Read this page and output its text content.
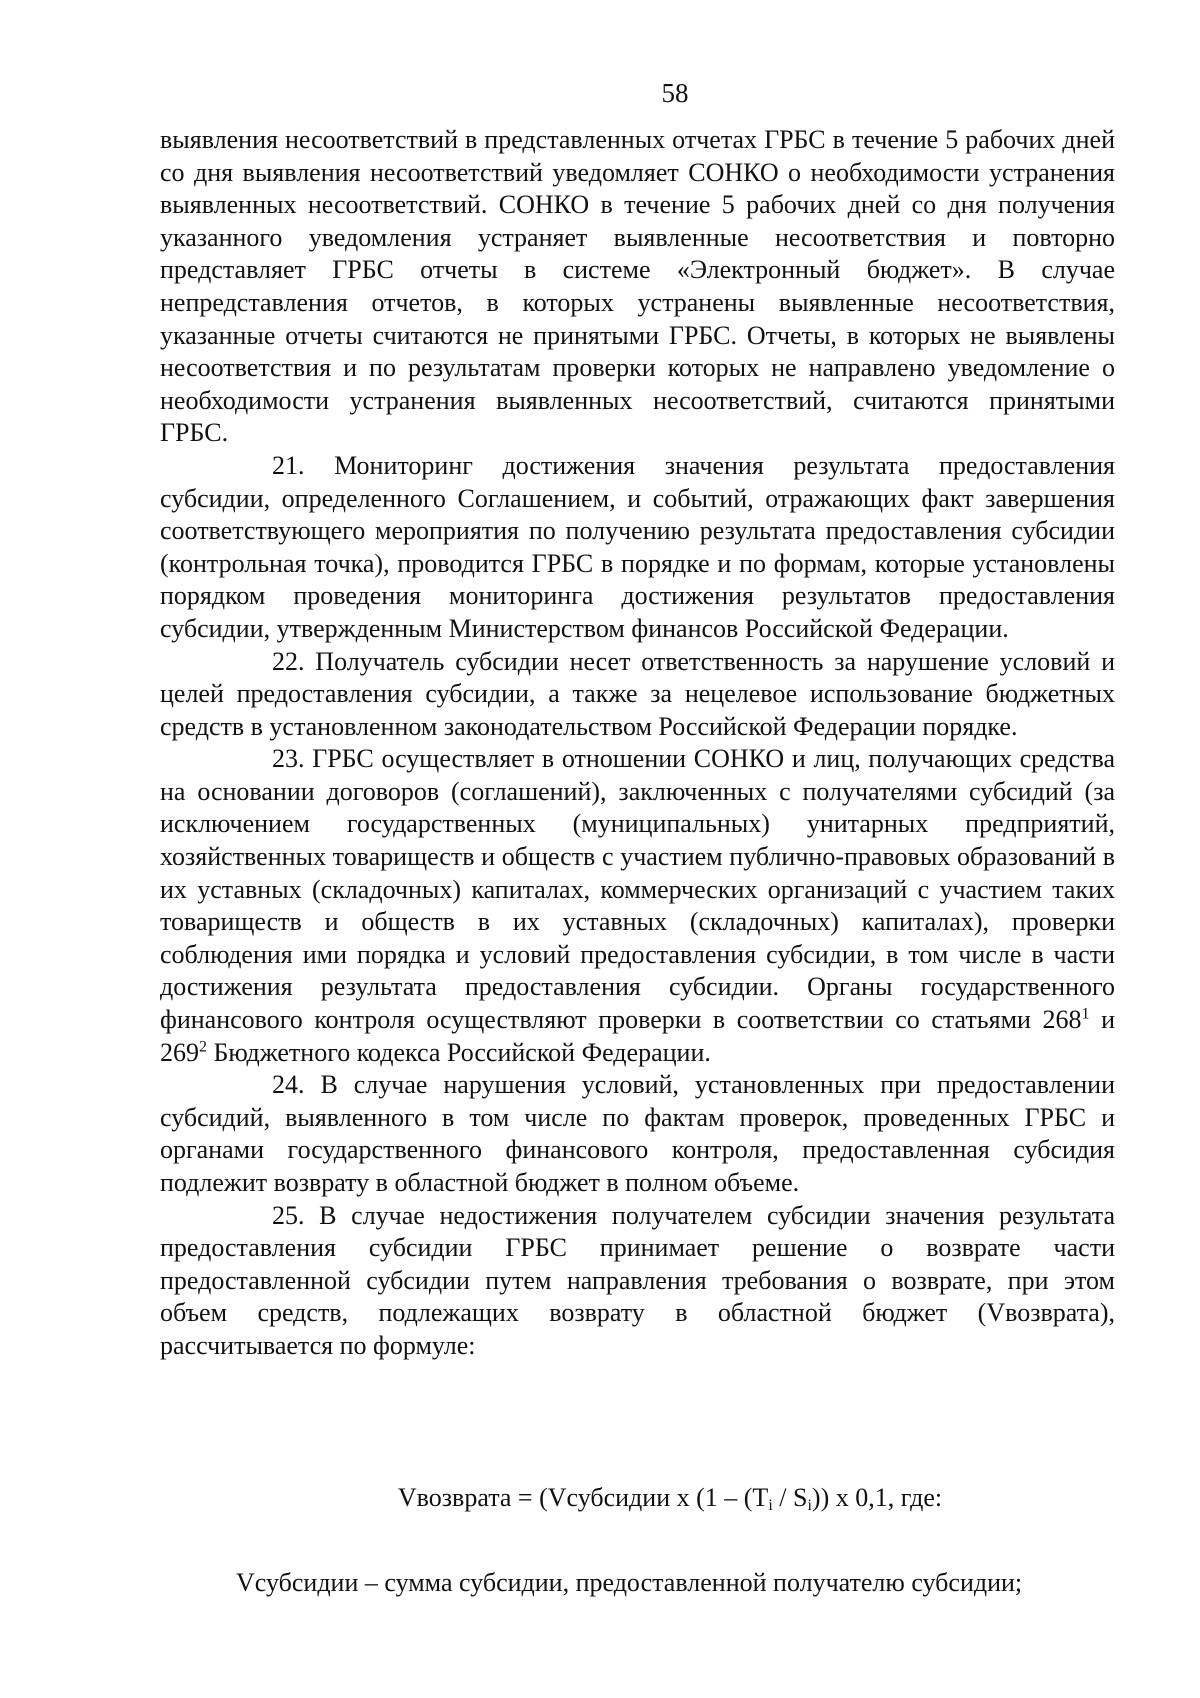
58

выявления несоответствий в представленных отчетах ГРБС в течение 5 рабочих дней со дня выявления несоответствий уведомляет СОНКО о необходимости устранения выявленных несоответствий. СОНКО в течение 5 рабочих дней со дня получения указанного уведомления устраняет выявленные несоответствия и повторно представляет ГРБС отчеты в системе «Электронный бюджет». В случае непредставления отчетов, в которых устранены выявленные несоответствия, указанные отчеты считаются не принятыми ГРБС. Отчеты, в которых не выявлены несоответствия и по результатам проверки которых не направлено уведомление о необходимости устранения выявленных несоответствий, считаются принятыми ГРБС.

21. Мониторинг достижения значения результата предоставления субсидии, определенного Соглашением, и событий, отражающих факт завершения соответствующего мероприятия по получению результата предоставления субсидии (контрольная точка), проводится ГРБС в порядке и по формам, которые установлены порядком проведения мониторинга достижения результатов предоставления субсидии, утвержденным Министерством финансов Российской Федерации.

22. Получатель субсидии несет ответственность за нарушение условий и целей предоставления субсидии, а также за нецелевое использование бюджетных средств в установленном законодательством Российской Федерации порядке.

23. ГРБС осуществляет в отношении СОНКО и лиц, получающих средства на основании договоров (соглашений), заключенных с получателями субсидий (за исключением государственных (муниципальных) унитарных предприятий, хозяйственных товариществ и обществ с участием публично-правовых образований в их уставных (складочных) капиталах, коммерческих организаций с участием таких товариществ и обществ в их уставных (складочных) капиталах), проверки соблюдения ими порядка и условий предоставления субсидии, в том числе в части достижения результата предоставления субсидии. Органы государственного финансового контроля осуществляют проверки в соответствии со статьями $268^1$ и $269^2$ Бюджетного кодекса Российской Федерации.

24. В случае нарушения условий, установленных при предоставлении субсидий, выявленного в том числе по фактам проверок, проведенных ГРБС и органами государственного финансового контроля, предоставленная субсидия подлежит возврату в областной бюджет в полном объеме.

25. В случае недостижения получателем субсидии значения результата предоставления субсидии ГРБС принимает решение о возврате части предоставленной субсидии путем направления требования о возврате, при этом объем средств, подлежащих возврату в областной бюджет (Vвозврата), рассчитывается по формуле:

Vвозврата = (Vсубсидии x $(1 - (T_i / S_i))$ x 0,1, где:
Vсубсидии – сумма субсидии, предоставленной получателю субсидии;
